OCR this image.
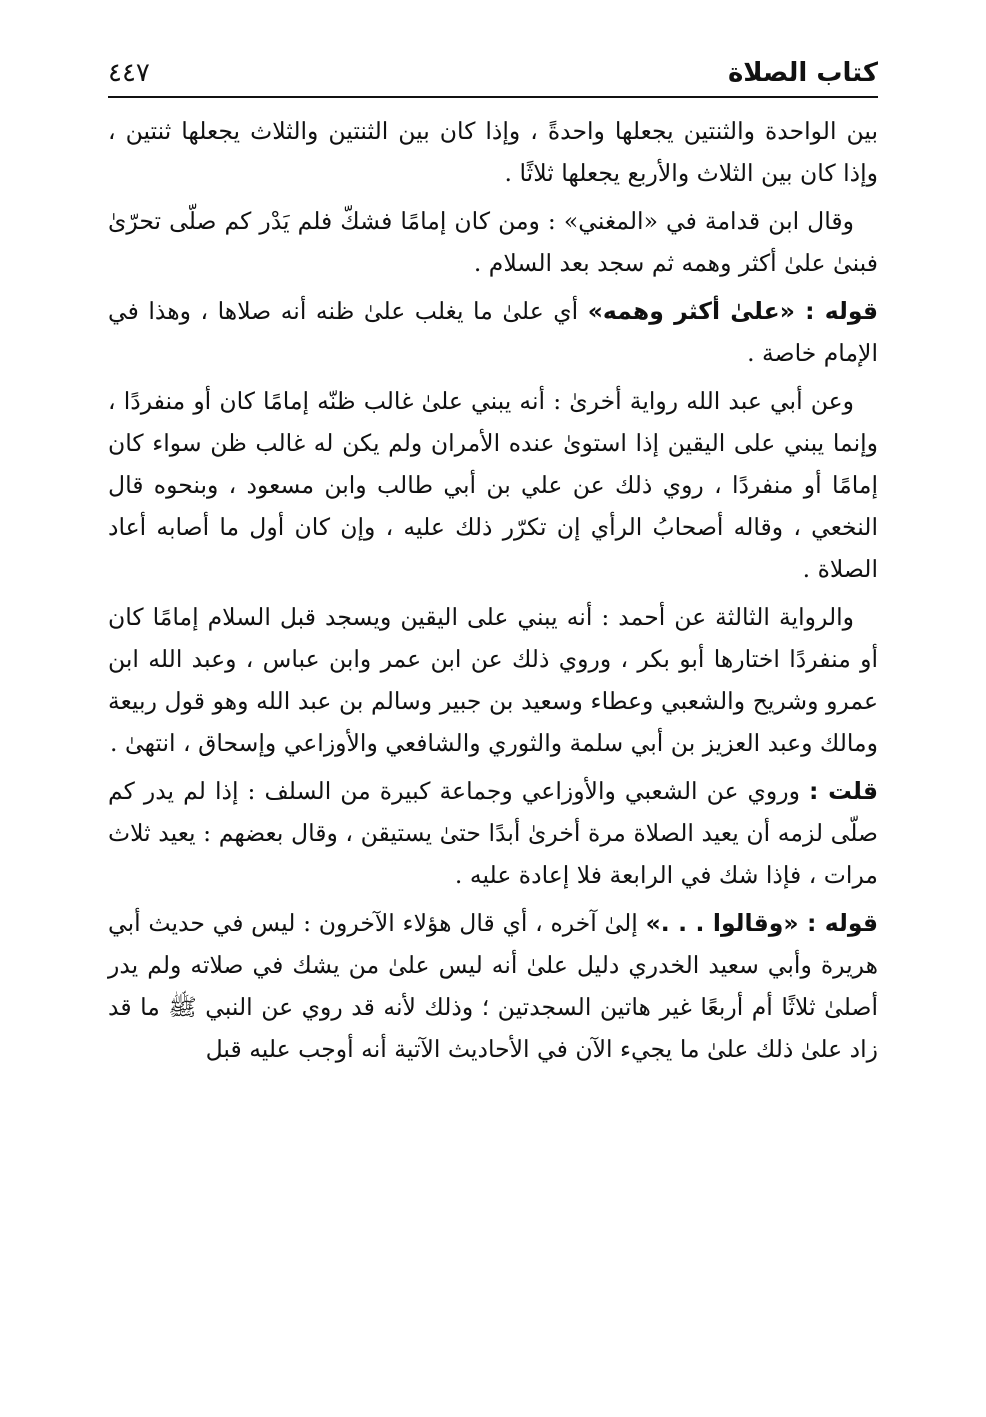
كتاب الصلاة
٤٤٧

بين الواحدة والثنتين يجعلها واحدةً ، وإذا كان بين الثنتين والثلاث يجعلها ثنتين ، وإذا كان بين الثلاث والأربع يجعلها ثلاثًا .

وقال ابن قدامة في «المغني» : ومن كان إمامًا فشكّ فلم يَدْر كم صلّى تحرّىٰ فبنىٰ علىٰ أكثر وهمه ثم سجد بعد السلام .

قوله : «علىٰ أكثر وهمه» أي علىٰ ما يغلب علىٰ ظنه أنه صلاها ، وهذا في الإمام خاصة .

وعن أبي عبد الله رواية أخرىٰ : أنه يبني علىٰ غالب ظنّه إمامًا كان أو منفردًا ، وإنما يبني على اليقين إذا استوىٰ عنده الأمران ولم يكن له غالب ظن سواء كان إمامًا أو منفردًا ، روي ذلك عن علي بن أبي طالب وابن مسعود ، وبنحوه قال النخعي ، وقاله أصحابُ الرأي إن تكرّر ذلك عليه ، وإن كان أول ما أصابه أعاد الصلاة .

والرواية الثالثة عن أحمد : أنه يبني على اليقين ويسجد قبل السلام إمامًا كان أو منفردًا اختارها أبو بكر ، وروي ذلك عن ابن عمر وابن عباس ، وعبد الله ابن عمرو وشريح والشعبي وعطاء وسعيد بن جبير وسالم بن عبد الله وهو قول ربيعة ومالك وعبد العزيز بن أبي سلمة والثوري والشافعي والأوزاعي وإسحاق ، انتهىٰ .

قلت : وروي عن الشعبي والأوزاعي وجماعة كبيرة من السلف : إذا لم يدر كم صلّى لزمه أن يعيد الصلاة مرة أخرىٰ أبدًا حتىٰ يستيقن ، وقال بعضهم : يعيد ثلاث مرات ، فإذا شك في الرابعة فلا إعادة عليه .

قوله : «وقالوا . . .» إلىٰ آخره ، أي قال هؤلاء الآخرون : ليس في حديث أبي هريرة وأبي سعيد الخدري دليل علىٰ أنه ليس علىٰ من يشك في صلاته ولم يدر أصلىٰ ثلاثًا أم أربعًا غير هاتين السجدتين ؛ وذلك لأنه قد روي عن النبي ﷺ ما قد زاد علىٰ ذلك علىٰ ما يجيء الآن في الأحاديث الآتية أنه أوجب عليه قبل
